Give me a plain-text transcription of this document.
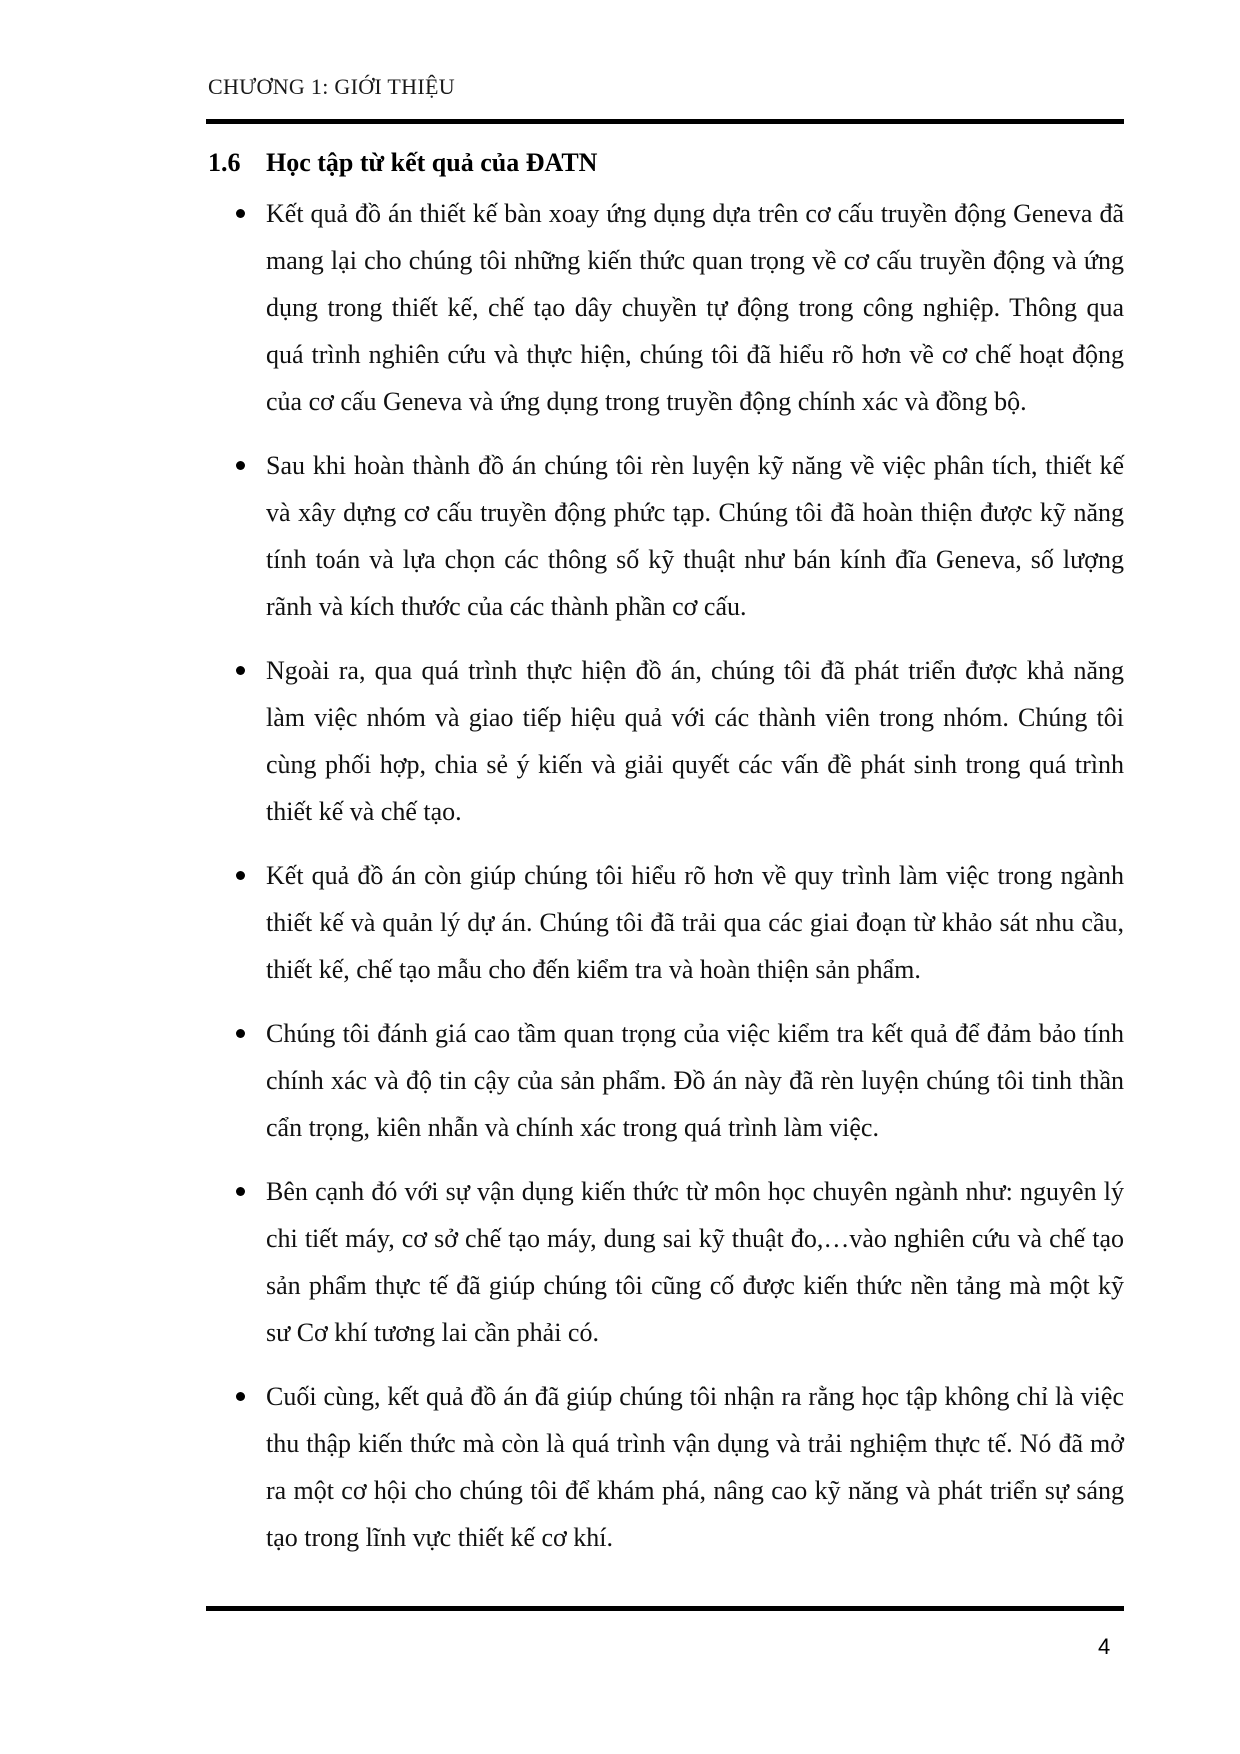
CHƯƠNG 1: GIỚI THIỆU
1.6 Học tập từ kết quả của ĐATN
Kết quả đồ án thiết kế bàn xoay ứng dụng dựa trên cơ cấu truyền động Geneva đã mang lại cho chúng tôi những kiến thức quan trọng về cơ cấu truyền động và ứng dụng trong thiết kế, chế tạo dây chuyền tự động trong công nghiệp. Thông qua quá trình nghiên cứu và thực hiện, chúng tôi đã hiểu rõ hơn về cơ chế hoạt động của cơ cấu Geneva và ứng dụng trong truyền động chính xác và đồng bộ.
Sau khi hoàn thành đồ án chúng tôi rèn luyện kỹ năng về việc phân tích, thiết kế và xây dựng cơ cấu truyền động phức tạp. Chúng tôi đã hoàn thiện được kỹ năng tính toán và lựa chọn các thông số kỹ thuật như bán kính đĩa Geneva, số lượng rãnh và kích thước của các thành phần cơ cấu.
Ngoài ra, qua quá trình thực hiện đồ án, chúng tôi đã phát triển được khả năng làm việc nhóm và giao tiếp hiệu quả với các thành viên trong nhóm. Chúng tôi cùng phối hợp, chia sẻ ý kiến và giải quyết các vấn đề phát sinh trong quá trình thiết kế và chế tạo.
Kết quả đồ án còn giúp chúng tôi hiểu rõ hơn về quy trình làm việc trong ngành thiết kế và quản lý dự án. Chúng tôi đã trải qua các giai đoạn từ khảo sát nhu cầu, thiết kế, chế tạo mẫu cho đến kiểm tra và hoàn thiện sản phẩm.
Chúng tôi đánh giá cao tầm quan trọng của việc kiểm tra kết quả để đảm bảo tính chính xác và độ tin cậy của sản phẩm. Đồ án này đã rèn luyện chúng tôi tinh thần cẩn trọng, kiên nhẫn và chính xác trong quá trình làm việc.
Bên cạnh đó với sự vận dụng kiến thức từ môn học chuyên ngành như: nguyên lý chi tiết máy, cơ sở chế tạo máy, dung sai kỹ thuật đo,…vào nghiên cứu và chế tạo sản phẩm thực tế đã giúp chúng tôi cũng cố được kiến thức nền tảng mà một kỹ sư Cơ khí tương lai cần phải có.
Cuối cùng, kết quả đồ án đã giúp chúng tôi nhận ra rằng học tập không chỉ là việc thu thập kiến thức mà còn là quá trình vận dụng và trải nghiệm thực tế. Nó đã mở ra một cơ hội cho chúng tôi để khám phá, nâng cao kỹ năng và phát triển sự sáng tạo trong lĩnh vực thiết kế cơ khí.
4
